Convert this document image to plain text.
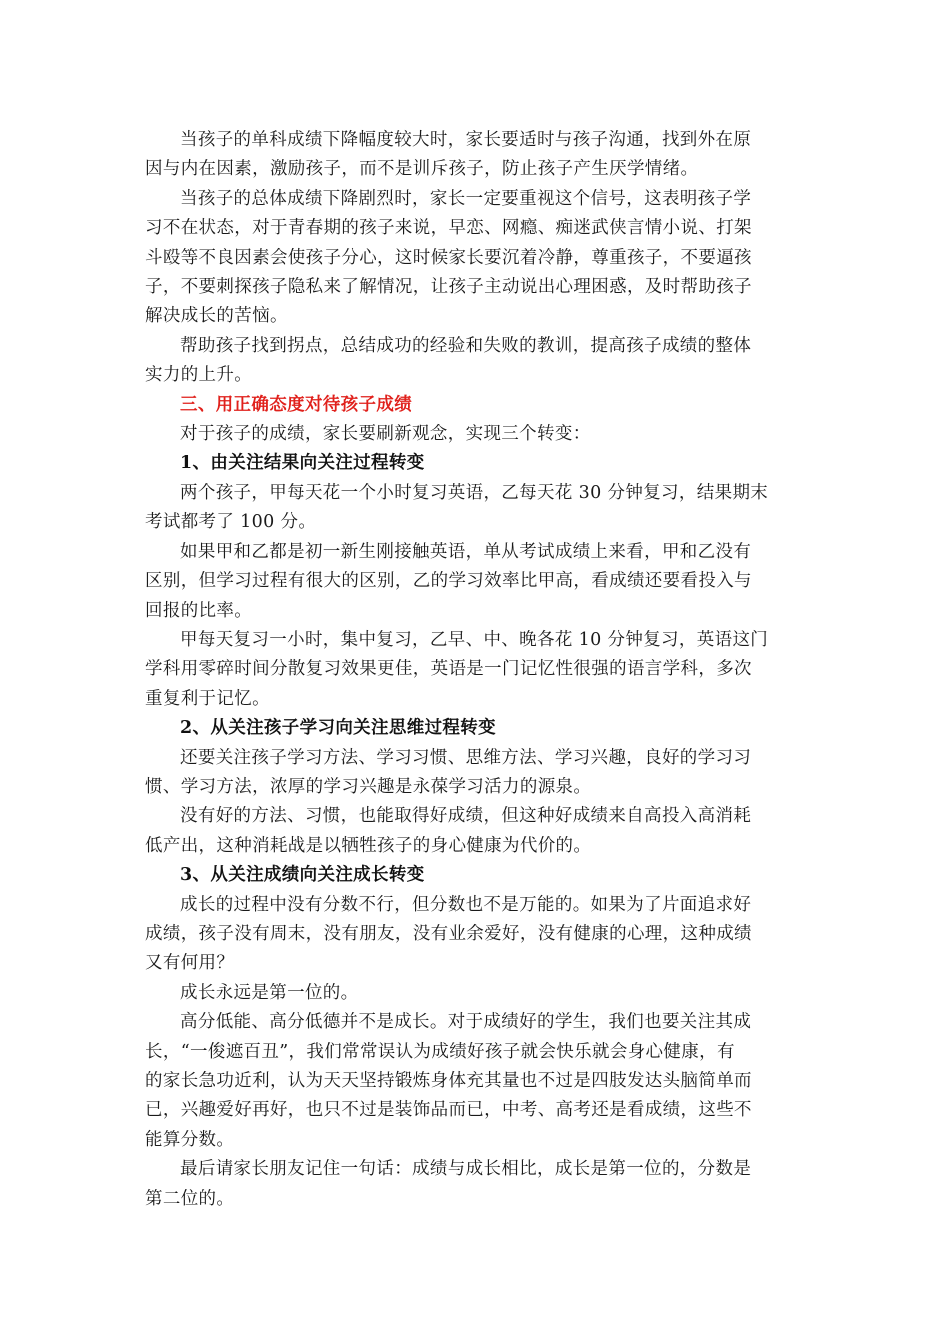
当孩子的单科成绩下降幅度较大时，家长要适时与孩子沟通，找到外在原
因与内在因素，激励孩子，而不是训斥孩子，防止孩子产生厌学情绪。

当孩子的总体成绩下降剧烈时，家长一定要重视这个信号，这表明孩子学
习不在状态，对于青春期的孩子来说，早恋、网瘾、痴迷武侠言情小说、打架
斗殴等不良因素会使孩子分心，这时候家长要沉着冷静，尊重孩子，不要逼孩
子，不要刺探孩子隐私来了解情况，让孩子主动说出心理困惑，及时帮助孩子
解决成长的苦恼。

帮助孩子找到拐点，总结成功的经验和失败的教训，提高孩子成绩的整体
实力的上升。

三、用正确态度对待孩子成绩

对于孩子的成绩，家长要刷新观念，实现三个转变：

1、由关注结果向关注过程转变

两个孩子，甲每天花一个小时复习英语，乙每天花 30 分钟复习，结果期末
考试都考了 100 分。

如果甲和乙都是初一新生刚接触英语，单从考试成绩上来看，甲和乙没有
区别，但学习过程有很大的区别，乙的学习效率比甲高，看成绩还要看投入与
回报的比率。

甲每天复习一小时，集中复习，乙早、中、晚各花 10 分钟复习，英语这门
学科用零碎时间分散复习效果更佳，英语是一门记忆性很强的语言学科，多次
重复利于记忆。

2、从关注孩子学习向关注思维过程转变

还要关注孩子学习方法、学习习惯、思维方法、学习兴趣，良好的学习习
惯、学习方法，浓厚的学习兴趣是永葆学习活力的源泉。

没有好的方法、习惯，也能取得好成绩，但这种好成绩来自高投入高消耗
低产出，这种消耗战是以牺牲孩子的身心健康为代价的。

3、从关注成绩向关注成长转变

成长的过程中没有分数不行，但分数也不是万能的。如果为了片面追求好
成绩，孩子没有周末，没有朋友，没有业余爱好，没有健康的心理，这种成绩
又有何用？

成长永远是第一位的。

高分低能、高分低德并不是成长。对于成绩好的学生，我们也要关注其成
长，“一俊遮百丑”，我们常常误认为成绩好孩子就会快乐就会身心健康，有
的家长急功近利，认为天天坚持锻炼身体充其量也不过是四肢发达头脑简单而
已，兴趣爱好再好，也只不过是装饰品而已，中考、高考还是看成绩，这些不
能算分数。

最后请家长朋友记住一句话：成绩与成长相比，成长是第一位的，分数是
第二位的。
